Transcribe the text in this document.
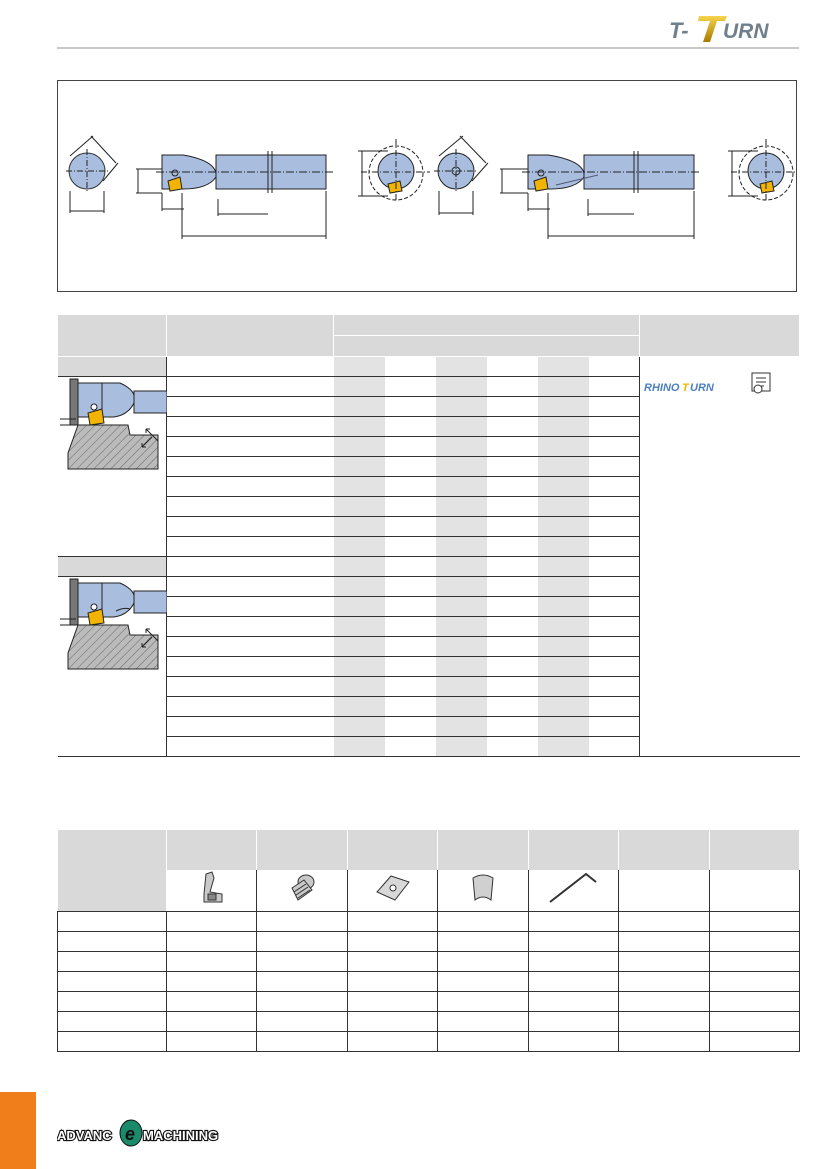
T- URN

RHINO T URN

ADVANC e MACHINING
